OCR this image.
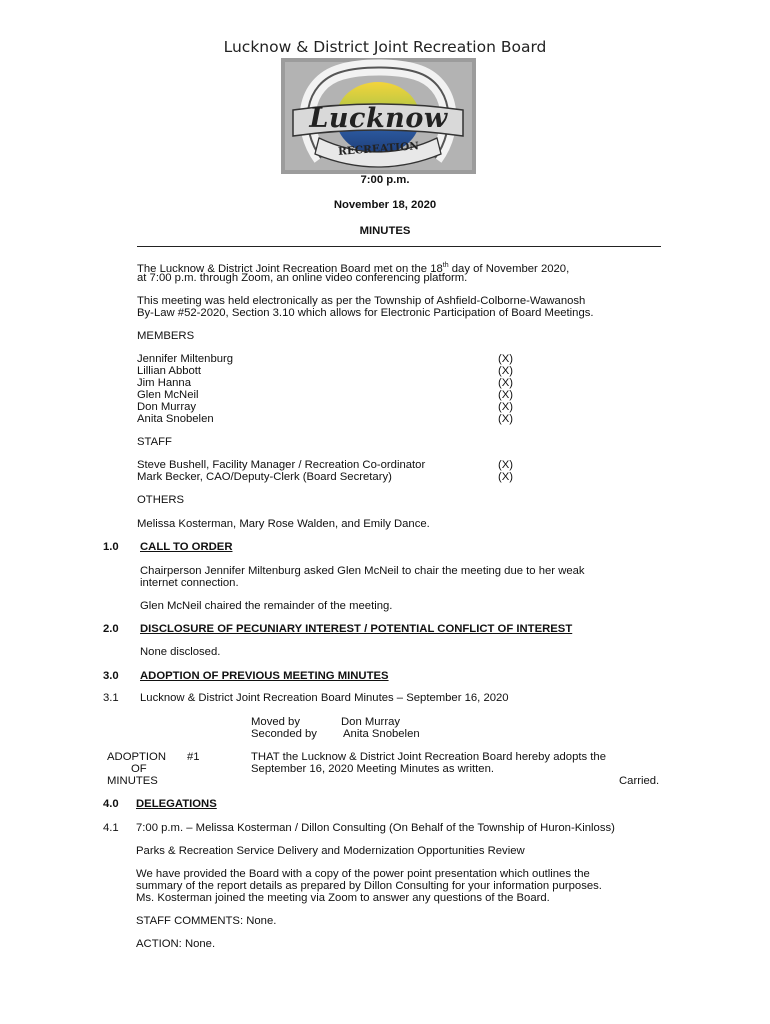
Lucknow & District Joint Recreation Board
Lucknow
RECREATION
7:00 p.m.
November 18, 2020
MINUTES
The Lucknow & District Joint Recreation Board met on the 18th day of November 2020,
at 7:00 p.m. through Zoom, an online video conferencing platform.
This meeting was held electronically as per the Township of Ashfield-Colborne-Wawanosh
By-Law #52-2020, Section 3.10 which allows for Electronic Participation of Board Meetings.
MEMBERS
Jennifer Miltenburg	(X)
Lillian Abbott	(X)
Jim Hanna	(X)
Glen McNeil	(X)
Don Murray	(X)
Anita Snobelen	(X)
STAFF
Steve Bushell, Facility Manager / Recreation Co-ordinator	(X)
Mark Becker, CAO/Deputy-Clerk (Board Secretary)	(X)
OTHERS
Melissa Kosterman, Mary Rose Walden, and Emily Dance.
1.0 CALL TO ORDER
Chairperson Jennifer Miltenburg asked Glen McNeil to chair the meeting due to her weak
internet connection.
Glen McNeil chaired the remainder of the meeting.
2.0 DISCLOSURE OF PECUNIARY INTEREST / POTENTIAL CONFLICT OF INTEREST
None disclosed.
3.0 ADOPTION OF PREVIOUS MEETING MINUTES
3.1 Lucknow & District Joint Recreation Board Minutes – September 16, 2020
Moved by	Don Murray
Seconded by Anita Snobelen
ADOPTION #1
OF
MINUTES
THAT the Lucknow & District Joint Recreation Board hereby adopts the
September 16, 2020 Meeting Minutes as written.
Carried.
4.0 DELEGATIONS
4.1 7:00 p.m. – Melissa Kosterman / Dillon Consulting (On Behalf of the Township of Huron-Kinloss)
Parks & Recreation Service Delivery and Modernization Opportunities Review
We have provided the Board with a copy of the power point presentation which outlines the
summary of the report details as prepared by Dillon Consulting for your information purposes.
Ms. Kosterman joined the meeting via Zoom to answer any questions of the Board.
STAFF COMMENTS: None.
ACTION: None.
